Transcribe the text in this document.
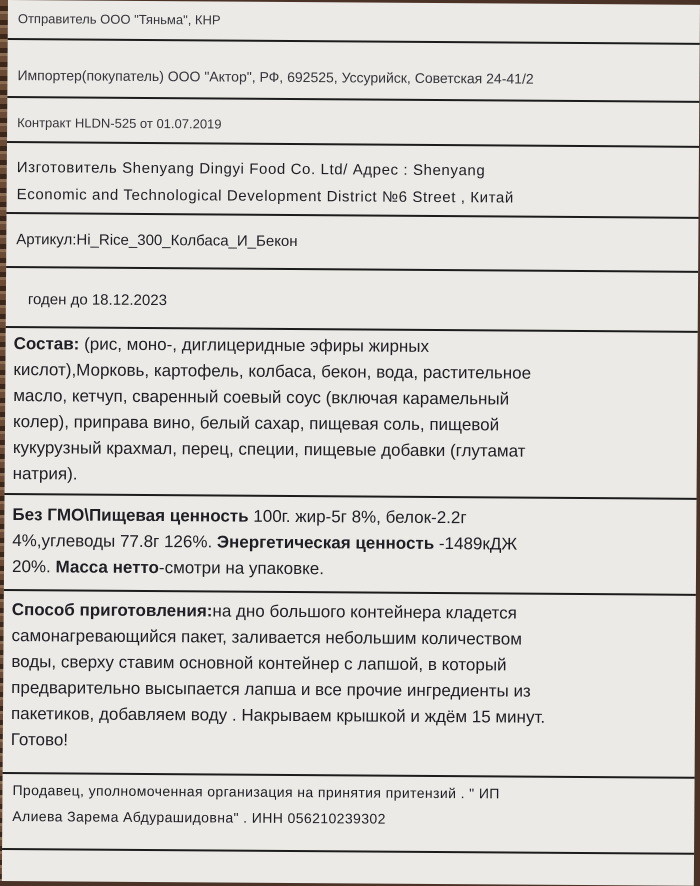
Отправитель ООО "Тяньма", КНР
Импортер(покупатель) ООО "Актор", РФ, 692525, Уссурийск, Советская 24-41/2
Контракт HLDN-525 от 01.07.2019
Изготовитель Shenyang Dingyi Food Co. Ltd/ Адрес : Shenyang
Economic and Technological Development District №6 Street , Китай
Артикул:Hi_Rice_300_Колбаса_И_Бекон
годен до 18.12.2023
Состав: (рис, моно-, диглицеридные эфиры жирных
кислот),Морковь, картофель, колбаса, бекон, вода, растительное
масло, кетчуп, сваренный соевый соус (включая карамельный
колер), приправа вино, белый сахар, пищевая соль, пищевой
кукурузный крахмал, перец, специи, пищевые добавки (глутамат
натрия).
Без ГМО\Пищевая ценность 100г. жир-5г 8%, белок-2.2г
4%,углеводы 77.8г 126%. Энергетическая ценность -1489кДЖ
20%. Масса нетто-смотри на упаковке.
Способ приготовления:на дно большого контейнера кладется
самонагревающийся пакет, заливается небольшим количеством
воды, сверху ставим основной контейнер с лапшой, в который
предварительно высыпается лапша и все прочие ингредиенты из
пакетиков, добавляем воду . Накрываем крышкой и ждём 15 минут.
Готово!
Продавец, уполномоченная организация на принятия притензий . " ИП
Алиева Зарема Абдурашидовна" . ИНН 056210239302
